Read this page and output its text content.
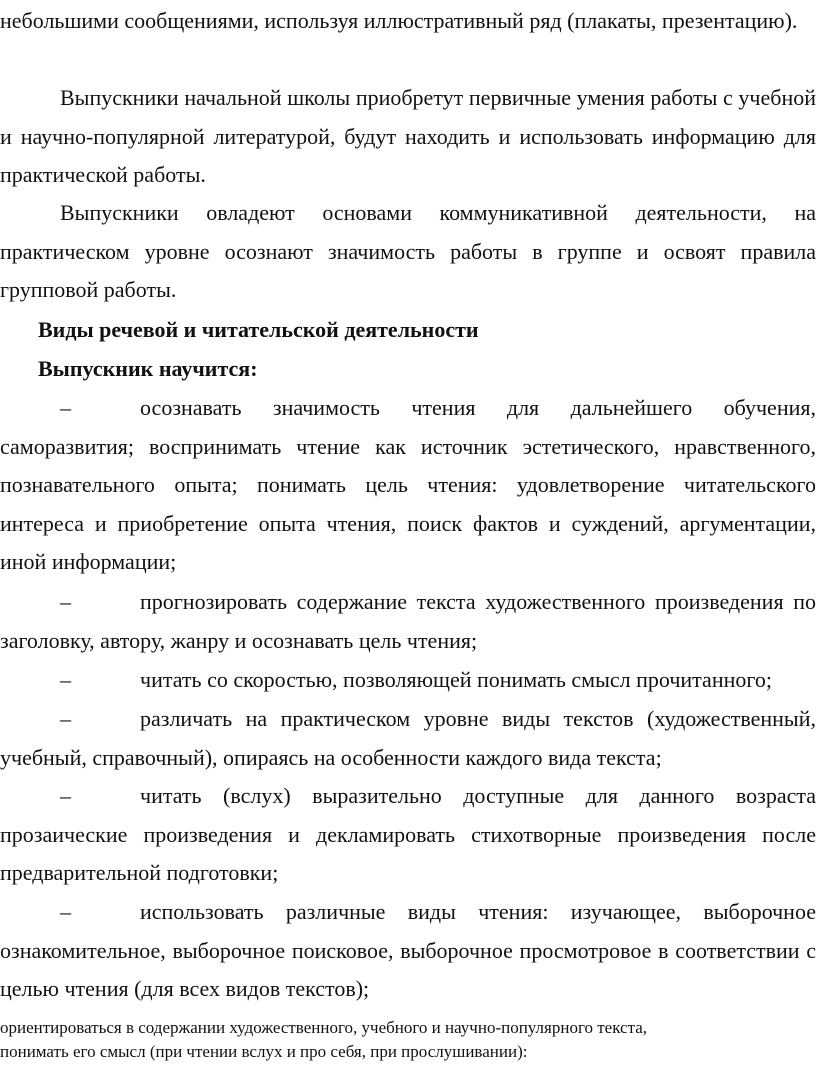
небольшими сообщениями, используя иллюстративный ряд (плакаты, презентацию).

Выпускники начальной школы приобретут первичные умения работы с учебной и научно-популярной литературой, будут находить и использовать информацию для практической работы.

Выпускники овладеют основами коммуникативной деятельности, на практическом уровне осознают значимость работы в группе и освоят правила групповой работы.

Виды речевой и читательской деятельности

Выпускник научится:

–	осознавать значимость чтения для дальнейшего обучения, саморазвития; воспринимать чтение как источник эстетического, нравственного, познавательного опыта; понимать цель чтения: удовлетворение читательского интереса и приобретение опыта чтения, поиск фактов и суждений, аргументации, иной информации;

–	прогнозировать содержание текста художественного произведения по заголовку, автору, жанру и осознавать цель чтения;

–	читать со скоростью, позволяющей понимать смысл прочитанного;

–	различать на практическом уровне виды текстов (художественный, учебный, справочный), опираясь на особенности каждого вида текста;

–	читать (вслух) выразительно доступные для данного возраста прозаические произведения и декламировать стихотворные произведения после предварительной подготовки;

–	использовать различные виды чтения: изучающее, выборочное ознакомительное, выборочное поисковое, выборочное просмотровое в соответствии с целью чтения (для всех видов текстов);

ориентироваться в содержании художественного, учебного и научно-популярного текста,

понимать его смысл (при чтении вслух и про себя, при прослушивании):
